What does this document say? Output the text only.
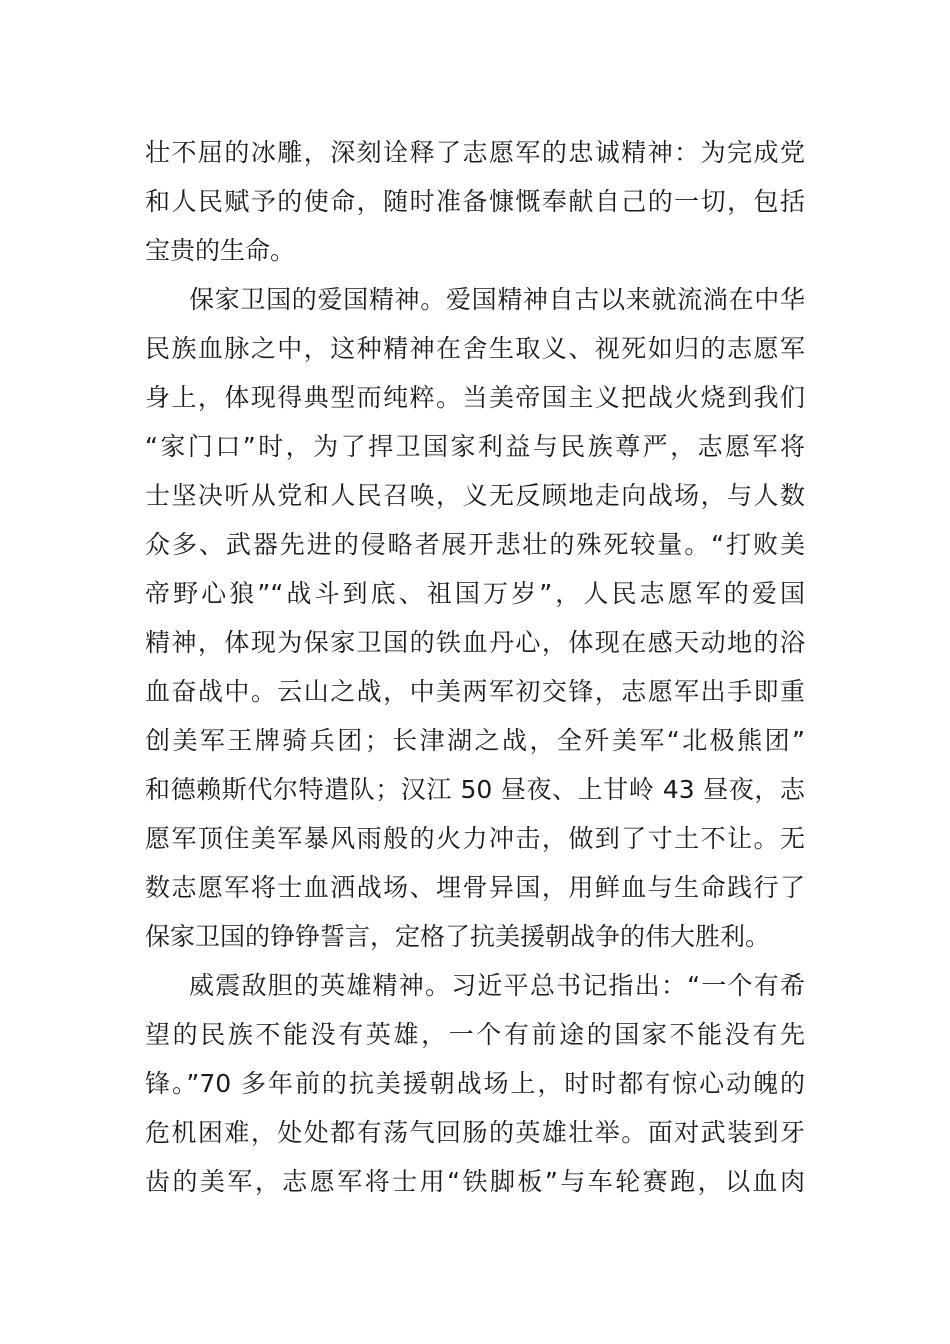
壮不屈的冰雕，深刻诠释了志愿军的忠诚精神：为完成党
和人民赋予的使命，随时准备慷慨奉献自己的一切，包括
宝贵的生命。
保家卫国的爱国精神。爱国精神自古以来就流淌在中华
民族血脉之中，这种精神在舍生取义、视死如归的志愿军
身上，体现得典型而纯粹。当美帝国主义把战火烧到我们
“家门口”时，为了捍卫国家利益与民族尊严，志愿军将
士坚决听从党和人民召唤，义无反顾地走向战场，与人数
众多、武器先进的侵略者展开悲壮的殊死较量。“打败美
帝野心狼”“战斗到底、祖国万岁”，人民志愿军的爱国
精神，体现为保家卫国的铁血丹心，体现在感天动地的浴
血奋战中。云山之战，中美两军初交锋，志愿军出手即重
创美军王牌骑兵团；长津湖之战，全歼美军“北极熊团”
和德赖斯代尔特遣队；汉江 50 昼夜、上甘岭 43 昼夜，志
愿军顶住美军暴风雨般的火力冲击，做到了寸土不让。无
数志愿军将士血洒战场、埋骨异国，用鲜血与生命践行了
保家卫国的铮铮誓言，定格了抗美援朝战争的伟大胜利。
威震敌胆的英雄精神。习近平总书记指出：“一个有希
望的民族不能没有英雄，一个有前途的国家不能没有先
锋。”70 多年前的抗美援朝战场上，时时都有惊心动魄的
危机困难，处处都有荡气回肠的英雄壮举。面对武装到牙
齿的美军，志愿军将士用“铁脚板”与车轮赛跑，以血肉
